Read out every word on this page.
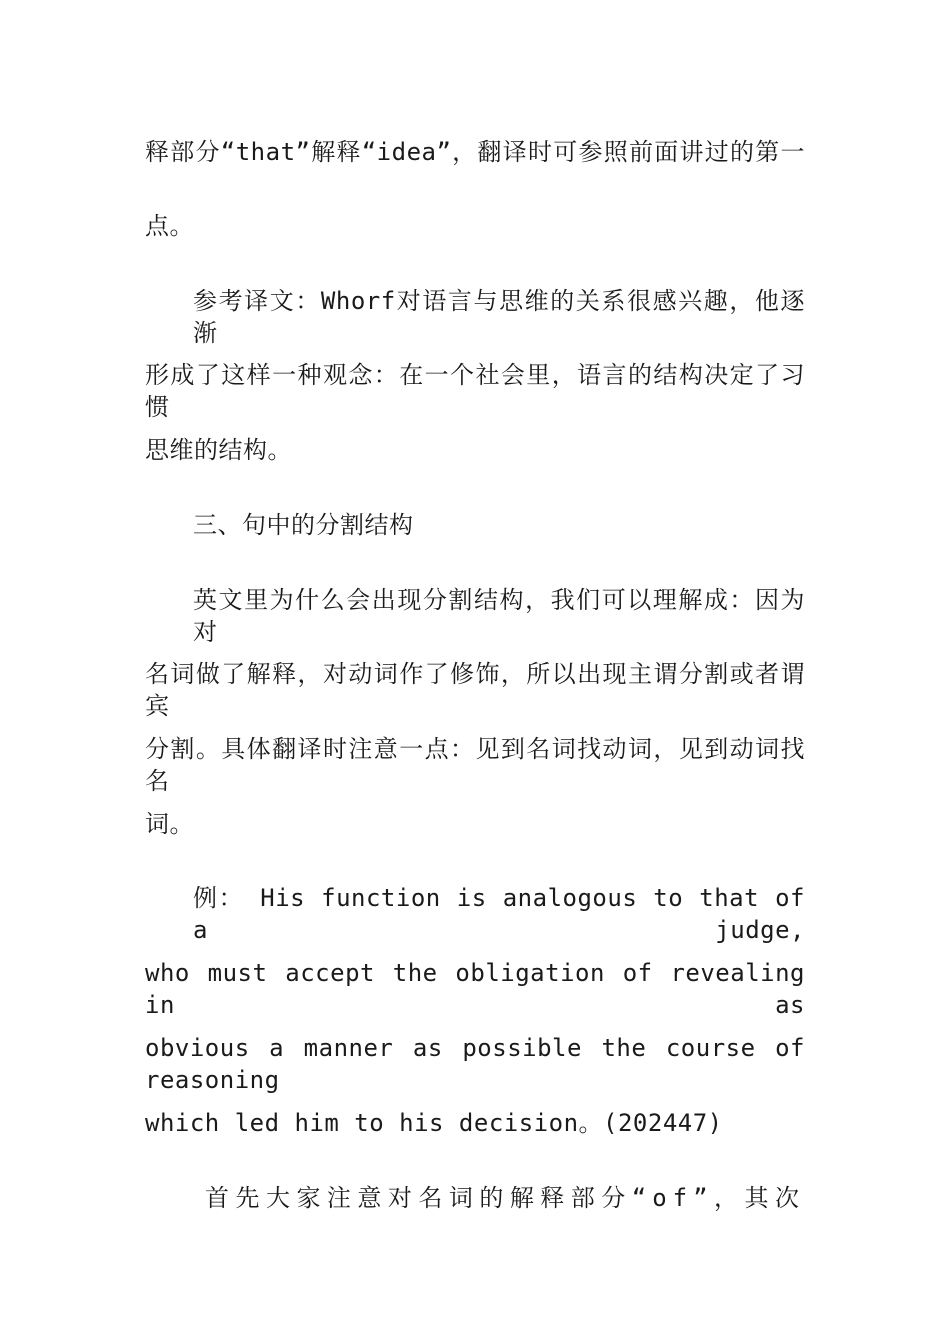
释部分“that”解释“idea”，翻译时可参照前面讲过的第一
点。
参考译文：Whorf对语言与思维的关系很感兴趣，他逐渐
形成了这样一种观念：在一个社会里，语言的结构决定了习惯
思维的结构。
三、句中的分割结构
英文里为什么会出现分割结构，我们可以理解成：因为对
名词做了解释，对动词作了修饰，所以出现主谓分割或者谓宾
分割。具体翻译时注意一点：见到名词找动词，见到动词找名
词。
例： His function is analogous to that of a judge,
who must accept the obligation of revealing in as
obvious a manner as possible the course of reasoning
which led him to his decision。(202447)
首先大家注意对名词的解释部分“of”，其次
